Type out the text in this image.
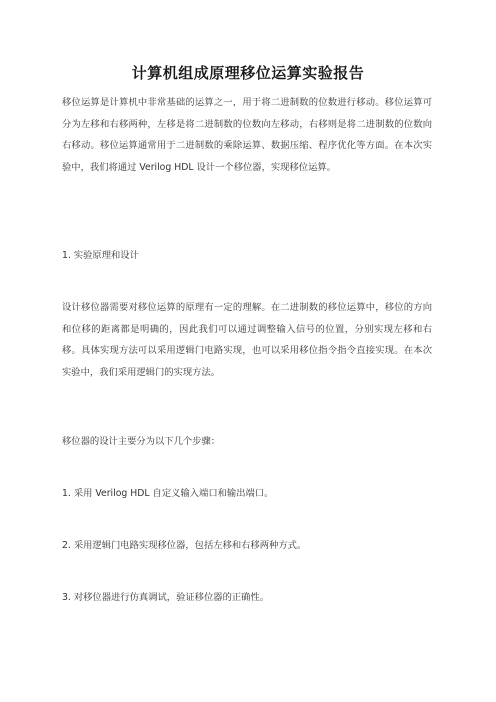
计算机组成原理移位运算实验报告
移位运算是计算机中非常基础的运算之一，用于将二进制数的位数进行移动。移位运算可分为左移和右移两种，左移是将二进制数的位数向左移动，右移则是将二进制数的位数向右移动。移位运算通常用于二进制数的乘除运算、数据压缩、程序优化等方面。在本次实验中，我们将通过 Verilog HDL 设计一个移位器，实现移位运算。
1. 实验原理和设计
设计移位器需要对移位运算的原理有一定的理解。在二进制数的移位运算中，移位的方向和位移的距离都是明确的，因此我们可以通过调整输入信号的位置，分别实现左移和右移。具体实现方法可以采用逻辑门电路实现，也可以采用移位指令指令直接实现。在本次实验中，我们采用逻辑门的实现方法。
移位器的设计主要分为以下几个步骤：
1. 采用 Verilog HDL 自定义输入端口和输出端口。
2. 采用逻辑门电路实现移位器，包括左移和右移两种方式。
3. 对移位器进行仿真调试，验证移位器的正确性。
